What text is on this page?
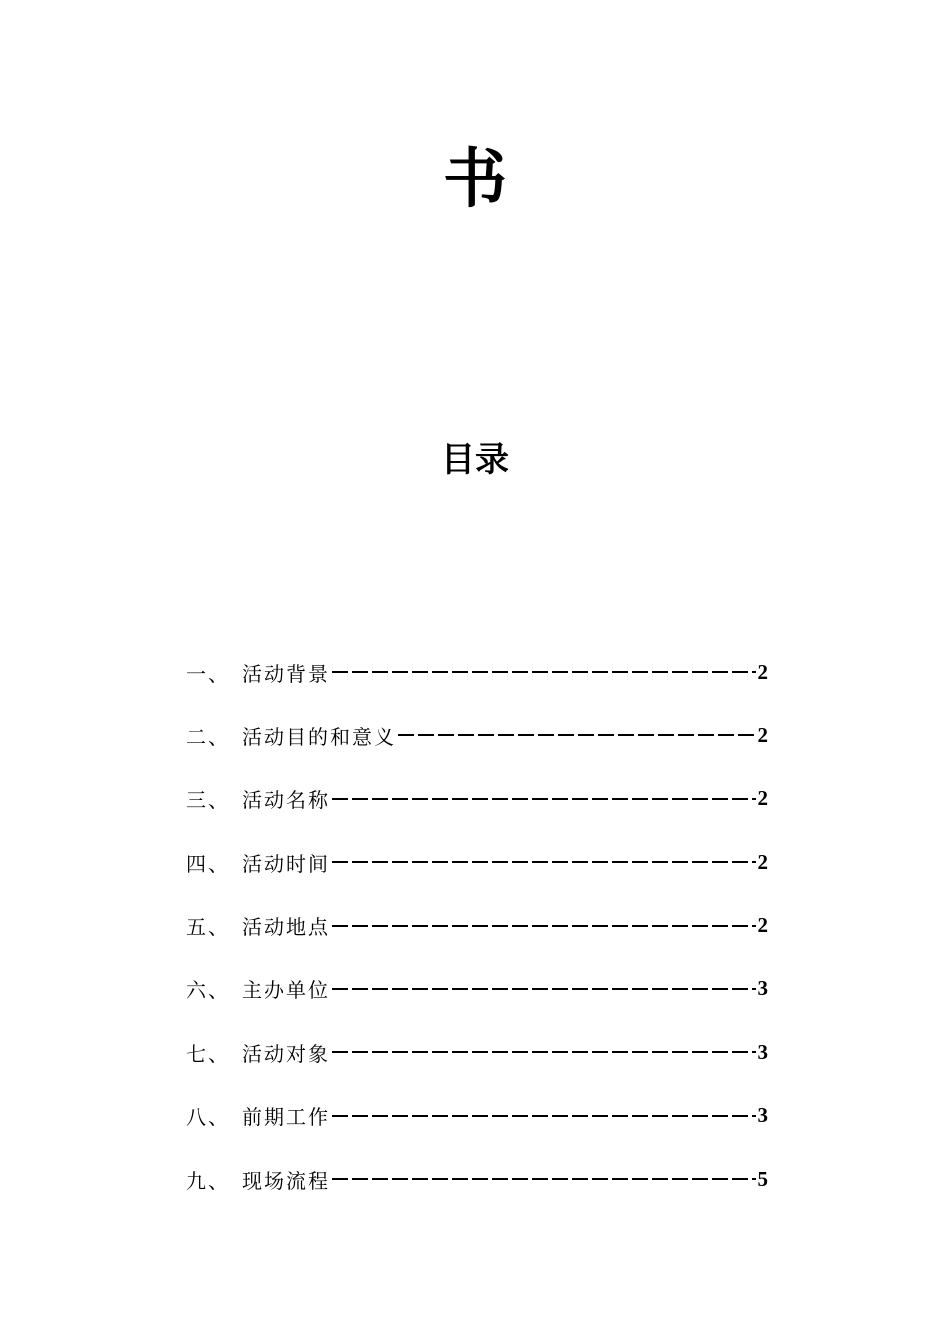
书
目录
一、 活动背景	2
二、 活动目的和意义	2
三、 活动名称	2
四、 活动时间	2
五、 活动地点	2
六、 主办单位	3
七、 活动对象	3
八、 前期工作	3
九、 现场流程	5
